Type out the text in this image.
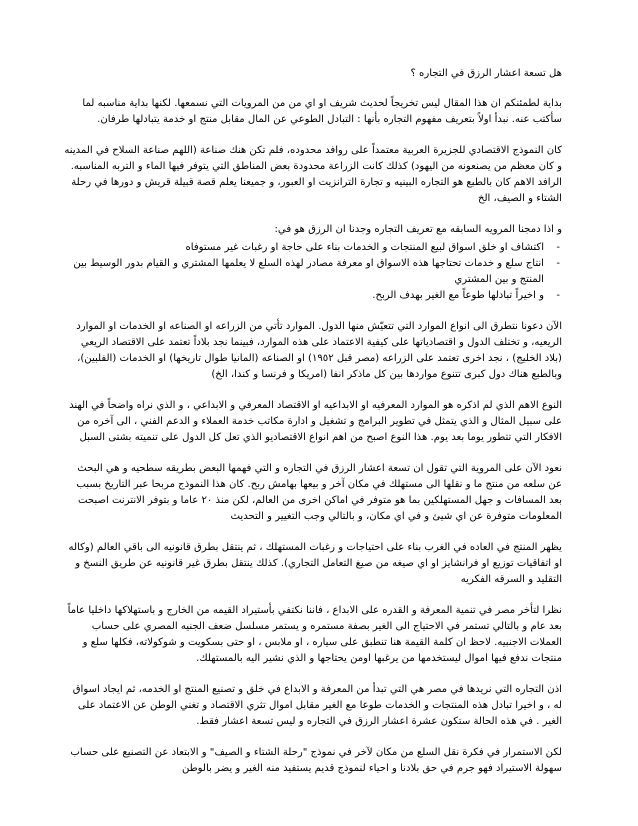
هل تسعة اعشار الرزق في التجاره ؟

بداية لطمئنكم ان هذا المقال ليس تخريجاً لحديث شريف او اي من من المرويات التي نسمعها. لكنها بداية مناسبه لما سأكتب عنه. نبدأ اولاً بتعريف مفهوم التجاره بأنها : التبادل الطوعي عن المال مقابل منتج او خدمة يتبادلها طرفان.

كان النموذج الاقتصادي للجزيرة العربية معتمداً على روافد محدوده، فلم تكن هنك صناعة (اللهم صناعة السلاح في المدينه و كان معظم من يصنعونه من اليهود) كذلك كانت الزراعة محدودة بعض المناطق التي يتوفر فيها الماء و التربه المناسبه. الرافد الاهم كان بالطبع هو التجاره البينيه و تجارة الترانزيت او العبور، و جميعنا يعلم قصة قبيلة قريش و دورها في رحلة الشتاء و الصيف، الخ

و اذا دمجنا المرويه السابقه مع تعريف التجاره وجدنا ان الرزق هو في:
- اكتشاف او خلق اسواق لبيع المنتجات و الخدمات بناء على حاجة او رغبات غير مستوفاه
- انتاج سلع و خدمات تحتاجها هذه الاسواق او معرفة مصادر لهذه السلع لا يعلمها المشتري و القيام بدور الوسيط بين المنتج و بين المشتري
- و اخيراً تبادلها طوعاً مع الغير بهدف الربح.

الآن دعونا نتطرق الى انواع الموارد التي تتعيّش منها الدول. الموارد تأتي من الزراعه او الصناعه او الخدمات او الموارد الريعيه، و تختلف الدول و اقتصادياتها على كيفية الاعتماد على هذه الموارد، فبينما نجد بلاداً تعتمد على الاقتصاد الريعي (بلاد الخليج) ، نجد اخرى تعتمد على الزراعه (مصر قبل ١٩٥٢) او الصناعه (المانيا طوال تاريخها) او الخدمات (الفلبين)، وبالطبع هناك دول كبرى تتنوع مواردها بين كل ماذكر انفا (امريكا و فرنسا و كندا، الخ)

النوع الاهم الذي لم اذكره هو الموارد المعرفيه او الابداعيه او الاقتصاد المعرفي و الابداعي ، و الذي نراه واضحاً في الهند على سبيل المثال و الذي يتمثل في تطوير البرامج و تشغيل و ادارة مكاتب خدمة العملاء و الدعم الفني ، الى آخره من الافكار التي تتطور يوما بعد يوم. هذا النوع اصبح من اهم انواع الاقتصاديو الذي تعل كل الدول على تنميته بشتى السبل

نعود الآن على المروية التي تقول ان تسعة اعشار الرزق في التجاره و التي فهمها البعض بطريقه سطحيه و هي البحث عن سلعه من منتج ما و نقلها الى مستهلك في مكان آخر و بيعها بهامش ربح. كان هذا النموذج مربحا عبر التاريخ بسبب بعد المسافات و جهل المستهلكين بما هو متوفر في اماكن اخرى من العالم، لكن منذ ٢٠ عاما و بتوفر الانترنت اصبحت المعلومات متوفرة عن اي شيئ و في اي مكان، و بالتالي وجب التغيير و التحديث

يظهر المنتج في العاده في الغرب بناء على احتياجات و رغبات المستهلك ، ثم ينتقل بطرق قانونيه الى باقي العالم (وكاله او اتفاقيات توزيع او فرانشايز او اي صيغه من صيغ التعامل التجاري). كذلك ينتقل بطرق غير قانونيه عن طريق النسخ و التقليد و السرقه الفكريه

نظرا لتأخر مصر في تنمية المعرفة و القدره على الابداع ، فاننا نكتفي بأستيراد القيمه من الخارج و باستهلاكها داخليا عاماً بعد عام و بالتالي تستمر في الاحتياج الى الغير بصفة مستمره و يستمر مسلسل ضعف الجنيه المصري على حساب العملات الاجنبيه. لاحظ ان كلمة القيمة هنا تنطبق على سياره ، او ملابس ، او حتى بسكويت و شوكولاته، فكلها سلع و منتجات ندفع فيها اموال ليستخدمها من يرغبها اومن يحتاجها و الذي نشير اليه بالمستهلك.

اذن التجاره التي نريدها في مصر هي التي تبدأ من المعرفة و الابداع في خلق و تصنيع المنتج او الخدمه، ثم ايجاد اسواق له ، و اخيرا تبادل هذه المنتجات و الخدمات طوعا مع الغير مقابل اموال تثري الاقتصاد و تغني الوطن عن الاعتماد على الغير . في هذه الحالة ستكون عشرة اعشار الرزق في التجاره و ليس تسعة اعشار فقط.

لكن الاستمرار في فكرة نقل السلع من مكان لآخر في نموذج "رحلة الشتاء و الصيف" و الابتعاد عن التصنيع على حساب سهولة الاستيراد فهو جرم في حق بلادنا و احياء لنموذج قديم يستفيد منه الغير و يضر بالوطن
